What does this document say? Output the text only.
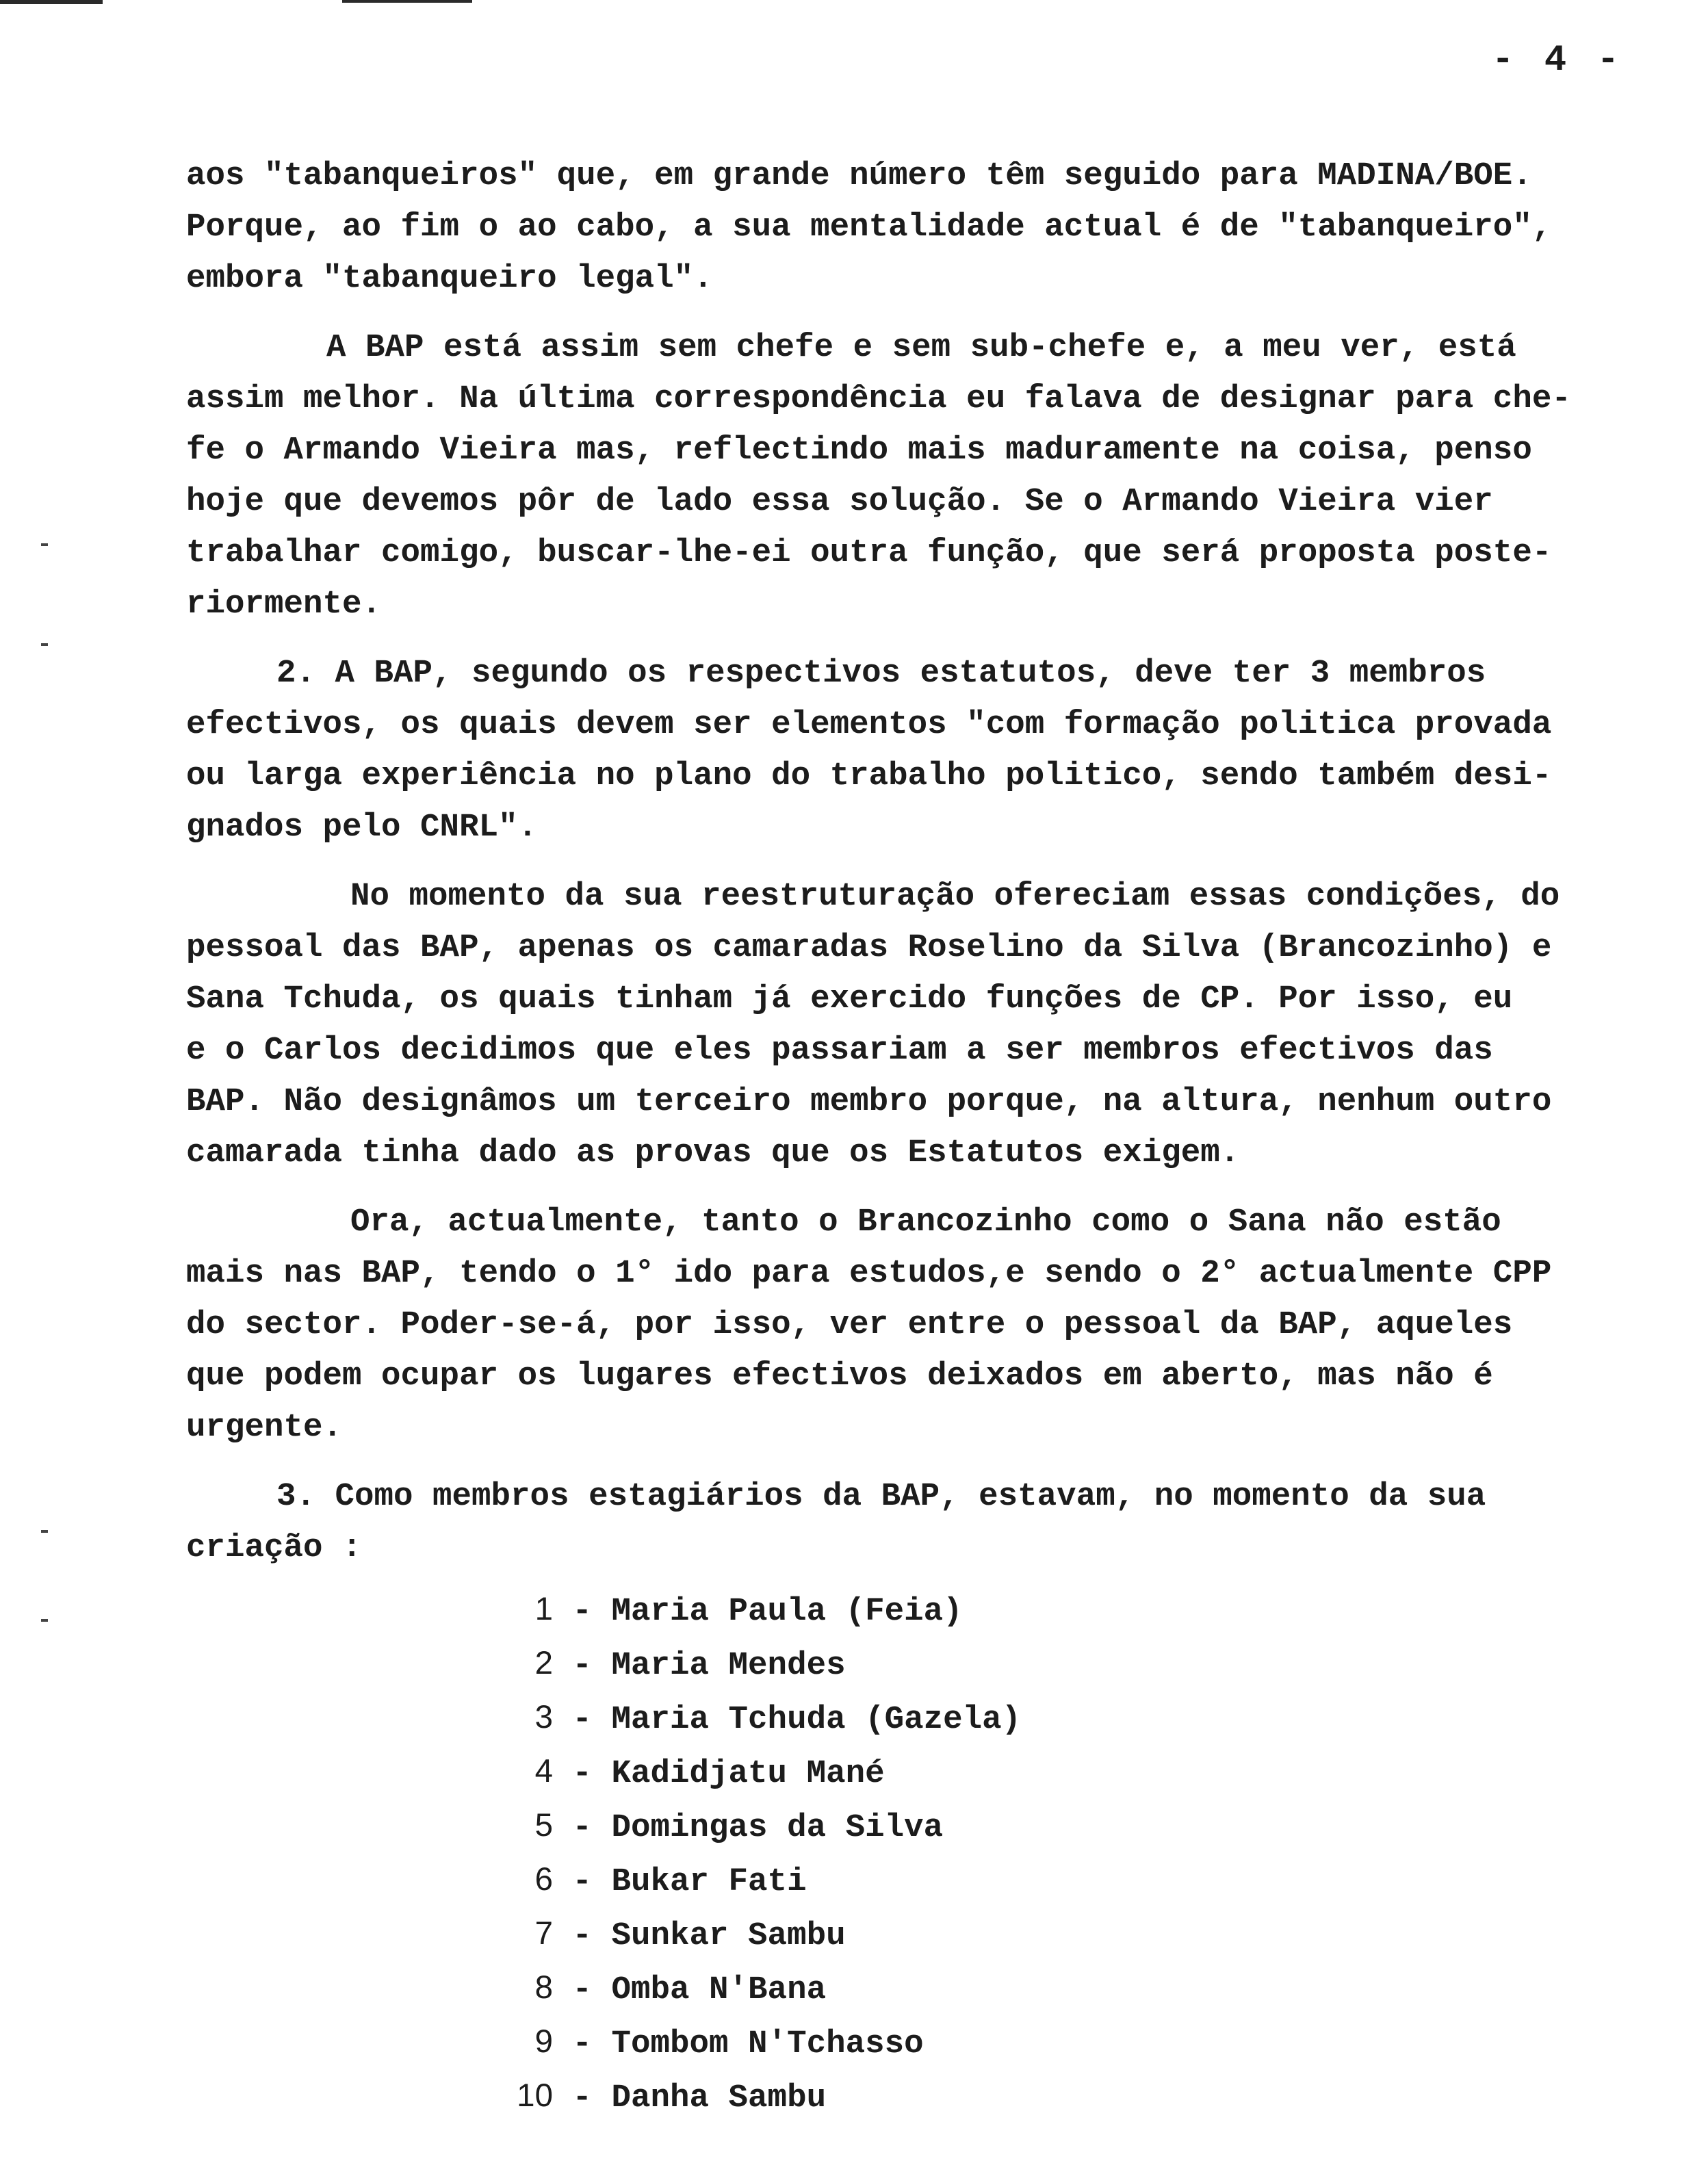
- 4 -
aos "tabanqueiros" que, em grande número têm seguido para MADINA/BOE.
Porque, ao fim o ao cabo, a sua mentalidade actual é de "tabanqueiro",
embora "tabanqueiro legal".
A BAP está assim sem chefe e sem sub-chefe e, a meu ver, está
assim melhor. Na última correspondência eu falava de designar para che-
fe o Armando Vieira mas, reflectindo mais maduramente na coisa, penso
hoje que devemos pôr de lado essa solução. Se o Armando Vieira vier
trabalhar comigo, buscar-lhe-ei outra função, que será proposta poste-
riormente.
2. A BAP, segundo os respectivos estatutos, deve ter 3 membros
efectivos, os quais devem ser elementos "com formação politica provada
ou larga experiência no plano do trabalho politico, sendo também desi-
gnados pelo CNRL".
No momento da sua reestruturação ofereciam essas condições, do
pessoal das BAP, apenas os camaradas Roselino da Silva (Brancozinho) e
Sana Tchuda, os quais tinham já exercido funções de CP. Por isso, eu
e o Carlos decidimos que eles passariam a ser membros efectivos das
BAP. Não designâmos um terceiro membro porque, na altura, nenhum outro
camarada tinha dado as provas que os Estatutos exigem.
Ora, actualmente, tanto o Brancozinho como o Sana não estão
mais nas BAP, tendo o 1° ido para estudos,e sendo o 2° actualmente CPP
do sector. Poder-se-á, por isso, ver entre o pessoal da BAP, aqueles
que podem ocupar os lugares efectivos deixados em aberto, mas não é
urgente.
3. Como membros estagiários da BAP, estavam, no momento da sua
criação :
1 - Maria Paula (Feia)
2 - Maria Mendes
3 - Maria Tchuda (Gazela)
4 - Kadidjatu Mané
5 - Domingas da Silva
6 - Bukar Fati
7 - Sunkar Sambu
8 - Omba N'Bana
9 - Tombom N'Tchasso
10 - Danha Sambu
